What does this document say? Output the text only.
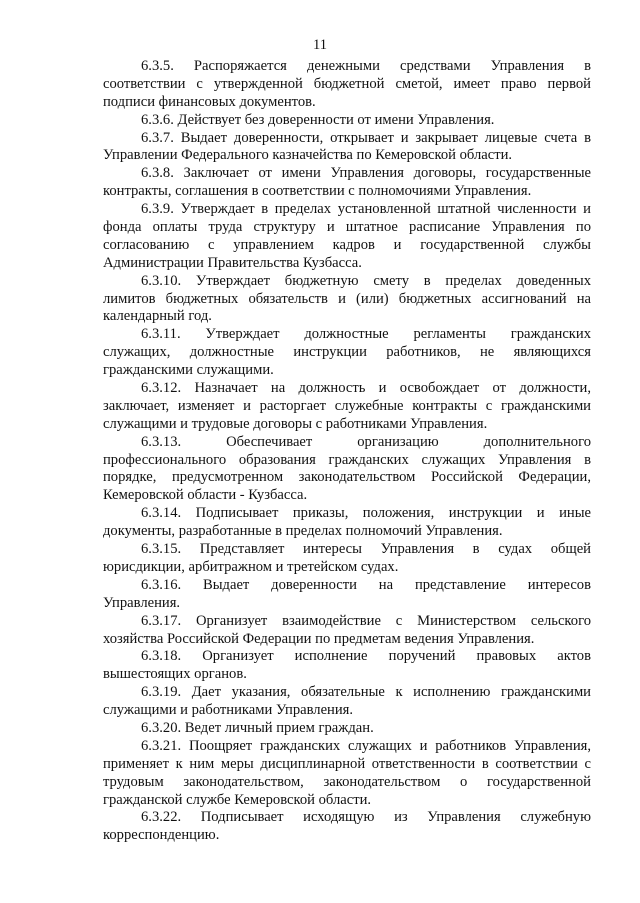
11
6.3.5. Распоряжается денежными средствами Управления в
соответствии с утвержденной бюджетной сметой, имеет право первой
подписи финансовых документов.
6.3.6. Действует без доверенности от имени Управления.
6.3.7. Выдает доверенности, открывает и закрывает лицевые счета в
Управлении Федерального казначейства по Кемеровской области.
6.3.8. Заключает от имени Управления договоры, государственные
контракты, соглашения в соответствии с полномочиями Управления.
6.3.9. Утверждает в пределах установленной штатной численности и
фонда оплаты труда структуру и штатное расписание Управления по
согласованию с управлением кадров и государственной службы
Администрации Правительства Кузбасса.
6.3.10. Утверждает бюджетную смету в пределах доведенных
лимитов бюджетных обязательств и (или) бюджетных ассигнований на
календарный год.
6.3.11. Утверждает должностные регламенты гражданских
служащих, должностные инструкции работников, не являющихся
гражданскими служащими.
6.3.12. Назначает на должность и освобождает от должности,
заключает, изменяет и расторгает служебные контракты с гражданскими
служащими и трудовые договоры с работниками Управления.
6.3.13. Обеспечивает организацию дополнительного
профессионального образования гражданских служащих Управления в
порядке, предусмотренном законодательством Российской Федерации,
Кемеровской области - Кузбасса.
6.3.14. Подписывает приказы, положения, инструкции и иные
документы, разработанные в пределах полномочий Управления.
6.3.15. Представляет интересы Управления в судах общей
юрисдикции, арбитражном и третейском судах.
6.3.16. Выдает доверенности на представление интересов
Управления.
6.3.17. Организует взаимодействие с Министерством сельского
хозяйства Российской Федерации по предметам ведения Управления.
6.3.18. Организует исполнение поручений правовых актов
вышестоящих органов.
6.3.19. Дает указания, обязательные к исполнению гражданскими
служащими и работниками Управления.
6.3.20. Ведет личный прием граждан.
6.3.21. Поощряет гражданских служащих и работников Управления,
применяет к ним меры дисциплинарной ответственности в соответствии с
трудовым законодательством, законодательством о государственной
гражданской службе Кемеровской области.
6.3.22. Подписывает исходящую из Управления служебную
корреспонденцию.
